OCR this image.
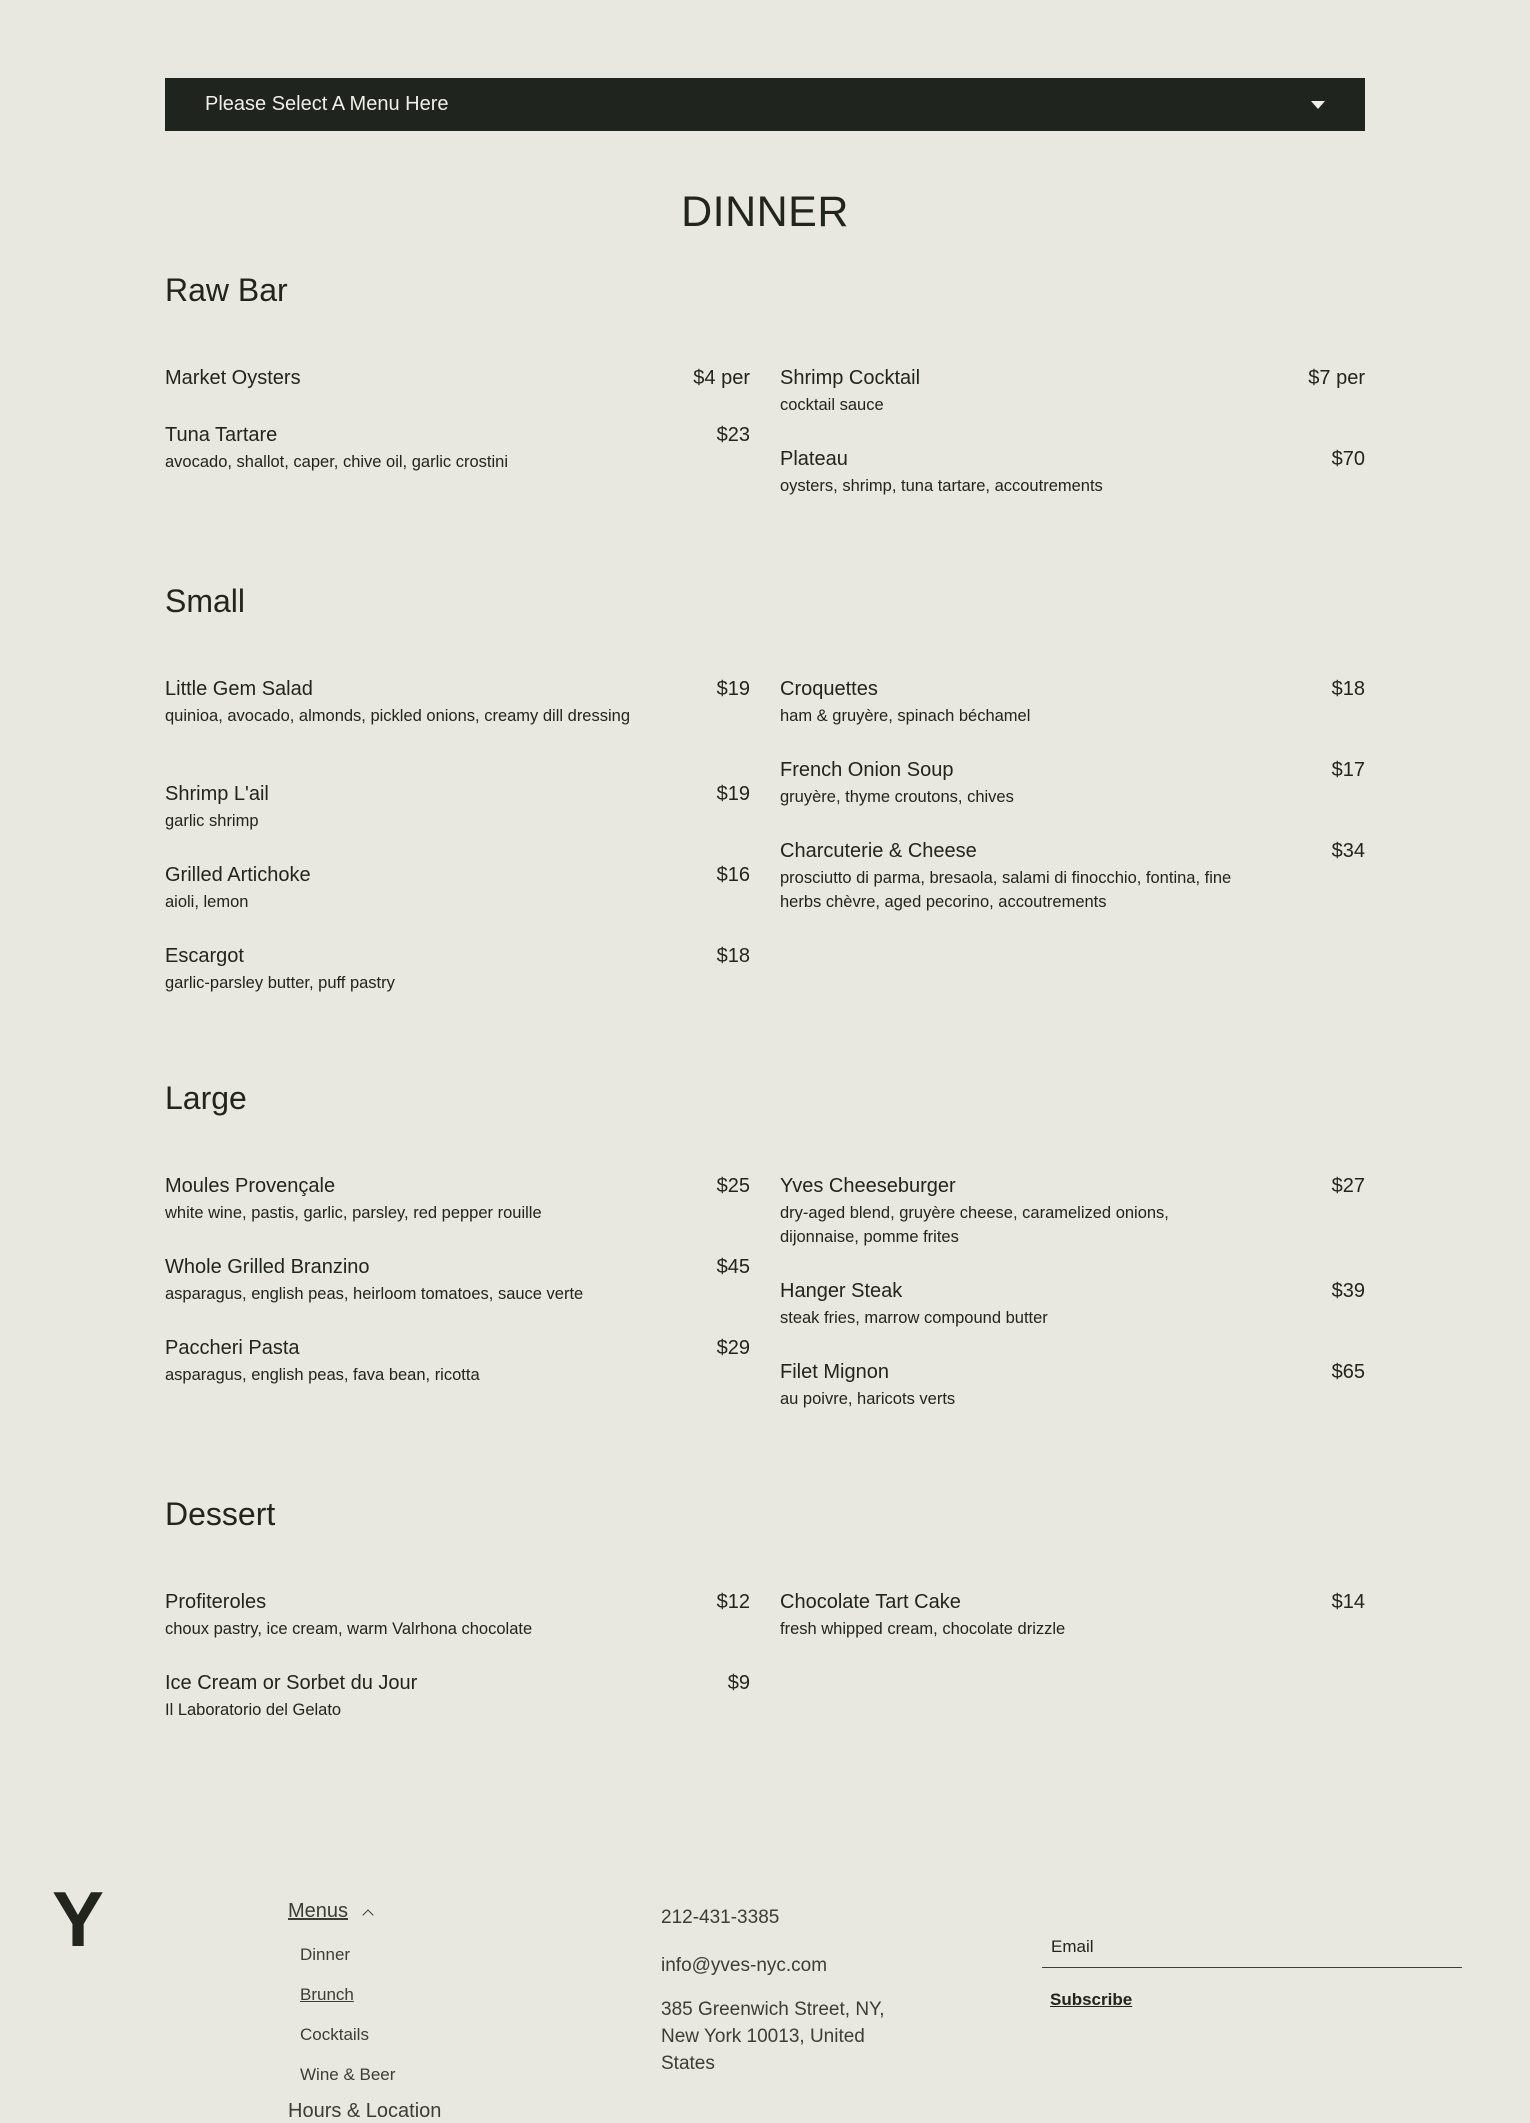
Please Select A Menu Here
DINNER
Raw Bar
Market Oysters	$4 per
Tuna Tartare	$23
avocado, shallot, caper, chive oil, garlic crostini
Shrimp Cocktail	$7 per
cocktail sauce
Plateau	$70
oysters, shrimp, tuna tartare, accoutrements
Small
Little Gem Salad	$19
quinioa, avocado, almonds, pickled onions, creamy dill dressing
Shrimp L'ail	$19
garlic shrimp
Grilled Artichoke	$16
aioli, lemon
Escargot	$18
garlic-parsley butter, puff pastry
Croquettes	$18
ham & gruyère, spinach béchamel
French Onion Soup	$17
gruyère, thyme croutons, chives
Charcuterie & Cheese	$34
prosciutto di parma, bresaola, salami di finocchio, fontina, fine herbs chèvre, aged pecorino, accoutrements
Large
Moules Provençale	$25
white wine, pastis, garlic, parsley, red pepper rouille
Whole Grilled Branzino	$45
asparagus, english peas, heirloom tomatoes, sauce verte
Paccheri Pasta	$29
asparagus, english peas, fava bean, ricotta
Yves Cheeseburger	$27
dry-aged blend, gruyère cheese, caramelized onions, dijonnaise, pomme frites
Hanger Steak	$39
steak fries, marrow compound butter
Filet Mignon	$65
au poivre, haricots verts
Dessert
Profiteroles	$12
choux pastry, ice cream, warm Valrhona chocolate
Ice Cream or Sorbet du Jour	$9
Il Laboratorio del Gelato
Chocolate Tart Cake	$14
fresh whipped cream, chocolate drizzle
Y	Menus
Dinner
Brunch
Cocktails
Wine & Beer
Hours & Location
212-431-3385
info@yves-nyc.com
385 Greenwich Street, NY,
New York 10013, United
States
Email
Subscribe
